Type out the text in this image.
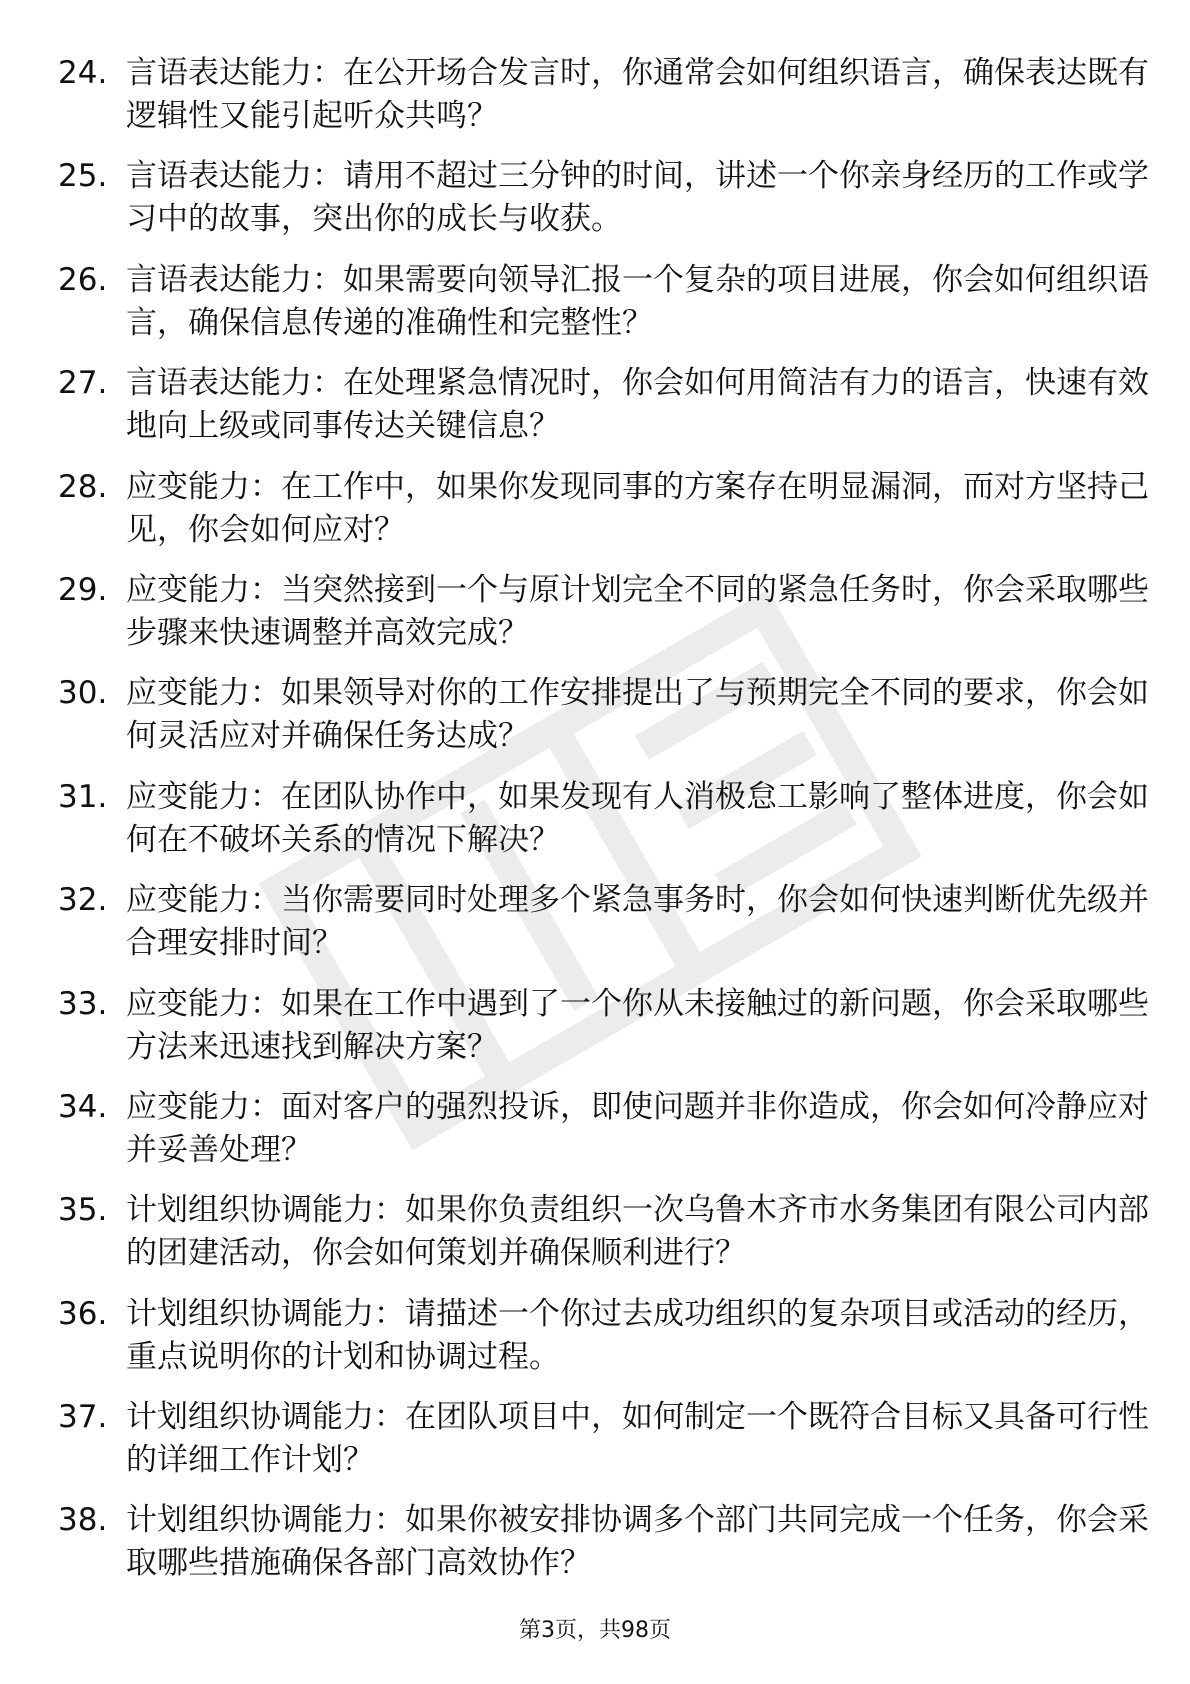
24. 言语表达能力：在公开场合发言时，你通常会如何组织语言，确保表达既有逻辑性又能引起听众共鸣？
25. 言语表达能力：请用不超过三分钟的时间，讲述一个你亲身经历的工作或学习中的故事，突出你的成长与收获。
26. 言语表达能力：如果需要向领导汇报一个复杂的项目进展，你会如何组织语言，确保信息传递的准确性和完整性？
27. 言语表达能力：在处理紧急情况时，你会如何用简洁有力的语言，快速有效地向上级或同事传达关键信息？
28. 应变能力：在工作中，如果你发现同事的方案存在明显漏洞，而对方坚持己见，你会如何应对？
29. 应变能力：当突然接到一个与原计划完全不同的紧急任务时，你会采取哪些步骤来快速调整并高效完成？
30. 应变能力：如果领导对你的工作安排提出了与预期完全不同的要求，你会如何灵活应对并确保任务达成？
31. 应变能力：在团队协作中，如果发现有人消极怠工影响了整体进度，你会如何在不破坏关系的情况下解决？
32. 应变能力：当你需要同时处理多个紧急事务时，你会如何快速判断优先级并合理安排时间？
33. 应变能力：如果在工作中遇到了一个你从未接触过的新问题，你会采取哪些方法来迅速找到解决方案？
34. 应变能力：面对客户的强烈投诉，即使问题并非你造成，你会如何冷静应对并妥善处理？
35. 计划组织协调能力：如果你负责组织一次乌鲁木齐市水务集团有限公司内部的团建活动，你会如何策划并确保顺利进行？
36. 计划组织协调能力：请描述一个你过去成功组织的复杂项目或活动的经历，重点说明你的计划和协调过程。
37. 计划组织协调能力：在团队项目中，如何制定一个既符合目标又具备可行性的详细工作计划？
38. 计划组织协调能力：如果你被安排协调多个部门共同完成一个任务，你会采取哪些措施确保各部门高效协作？
第3页，共98页
